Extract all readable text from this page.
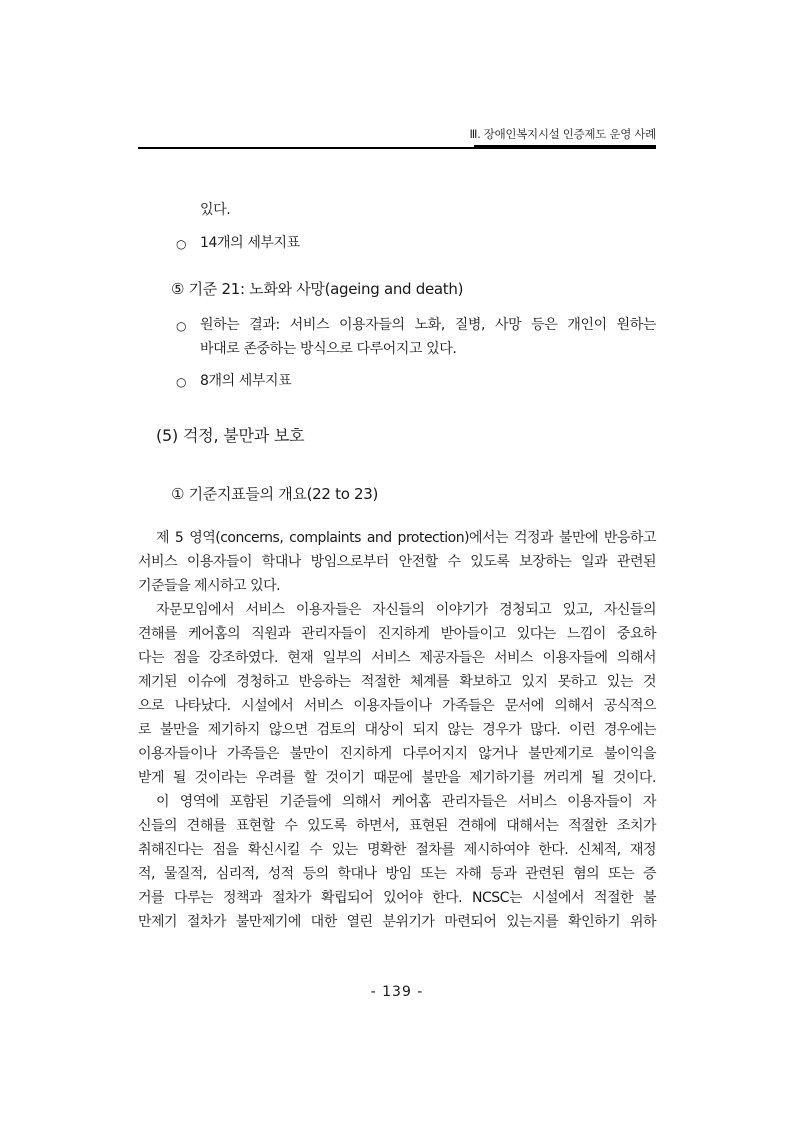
Ⅲ. 장애인복지시설 인증제도 운영 사례
있다.
○ 14개의 세부지표
⑤ 기준 21: 노화와 사망(ageing and death)
○ 원하는 결과: 서비스 이용자들의 노화, 질병, 사망 등은 개인이 원하는
바대로 존중하는 방식으로 다루어지고 있다.
○ 8개의 세부지표
(5) 걱정, 불만과 보호
① 기준지표들의 개요(22 to 23)
제 5 영역(concerns, complaints and protection)에서는 걱정과 불만에 반응하고
서비스 이용자들이 학대나 방임으로부터 안전할 수 있도록 보장하는 일과 관련된
기준들을 제시하고 있다.
자문모임에서 서비스 이용자들은 자신들의 이야기가 경청되고 있고, 자신들의
견해를 케어홈의 직원과 관리자들이 진지하게 받아들이고 있다는 느낌이 중요하
다는 점을 강조하였다. 현재 일부의 서비스 제공자들은 서비스 이용자들에 의해서
제기된 이슈에 경청하고 반응하는 적절한 체계를 확보하고 있지 못하고 있는 것
으로 나타났다. 시설에서 서비스 이용자들이나 가족들은 문서에 의해서 공식적으
로 불만을 제기하지 않으면 검토의 대상이 되지 않는 경우가 많다. 이런 경우에는
이용자들이나 가족들은 불만이 진지하게 다루어지지 않거나 불만제기로 불이익을
받게 될 것이라는 우려를 할 것이기 때문에 불만을 제기하기를 꺼리게 될 것이다.
이 영역에 포함된 기준들에 의해서 케어홈 관리자들은 서비스 이용자들이 자
신들의 견해를 표현할 수 있도록 하면서, 표현된 견해에 대해서는 적절한 조치가
취해진다는 점을 확신시킬 수 있는 명확한 절차를 제시하여야 한다. 신체적, 재정
적, 물질적, 심리적, 성적 등의 학대나 방임 또는 자해 등과 관련된 혐의 또는 증
거를 다루는 정책과 절차가 확립되어 있어야 한다. NCSC는 시설에서 적절한 불
만제기 절차가 불만제기에 대한 열린 분위기가 마련되어 있는지를 확인하기 위하
- 139 -
